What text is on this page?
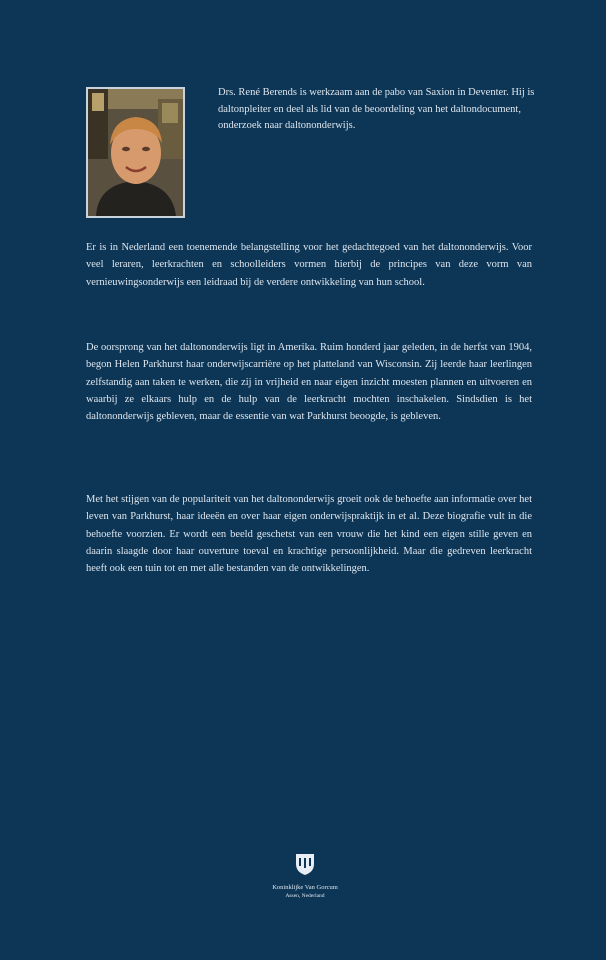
Drs. René Berends is werkzaam aan de pabo van Saxion in Deventer. Hij is daltonpleiter en deel als lid van de beoordeling van het daltondocument, onderzoek naar daltononderwijs.
Er is in Nederland een toenemende belangstelling voor het gedachtegoed van het daltononderwijs. Voor veel leraren, leerkrachten en schoolleiders vormen hierbij de principes van deze vorm van vernieuwingsonderwijs een leidraad bij de verdere ontwikkeling van hun school.
De oorsprong van het daltononderwijs ligt in Amerika. Ruim honderd jaar geleden, in de herfst van 1904, begon Helen Parkhurst haar onderwijscarrière op het platteland van Wisconsin. Zij leerde haar leerlingen zelfstandig aan taken te werken, die zij in vrijheid en naar eigen inzicht moesten plannen en uitvoeren en waarbij ze elkaars hulp en de hulp van de leerkracht mochten inschakelen. Sindsdien is het daltononderwijs gebleven, maar de essentie van wat Parkhurst beoogde, is gebleven.
Met het stijgen van de populariteit van het daltononderwijs groeit ook de behoefte aan informatie over het leven van Parkhurst, haar ideeën en over haar eigen onderwijspraktijk in et al. Deze biografie vult in die behoefte voorzien. Er wordt een beeld geschetst van een vrouw die het kind een eigen stille geven en daarin slaagde door haar ouverture toeval en krachtige persoonlijkheid. Maar die gedreven leerkracht heeft ook een tuin tot en met alle bestanden van de ontwikkelingen.
Koninklijke Van Gorcum
Assen, Nederland
